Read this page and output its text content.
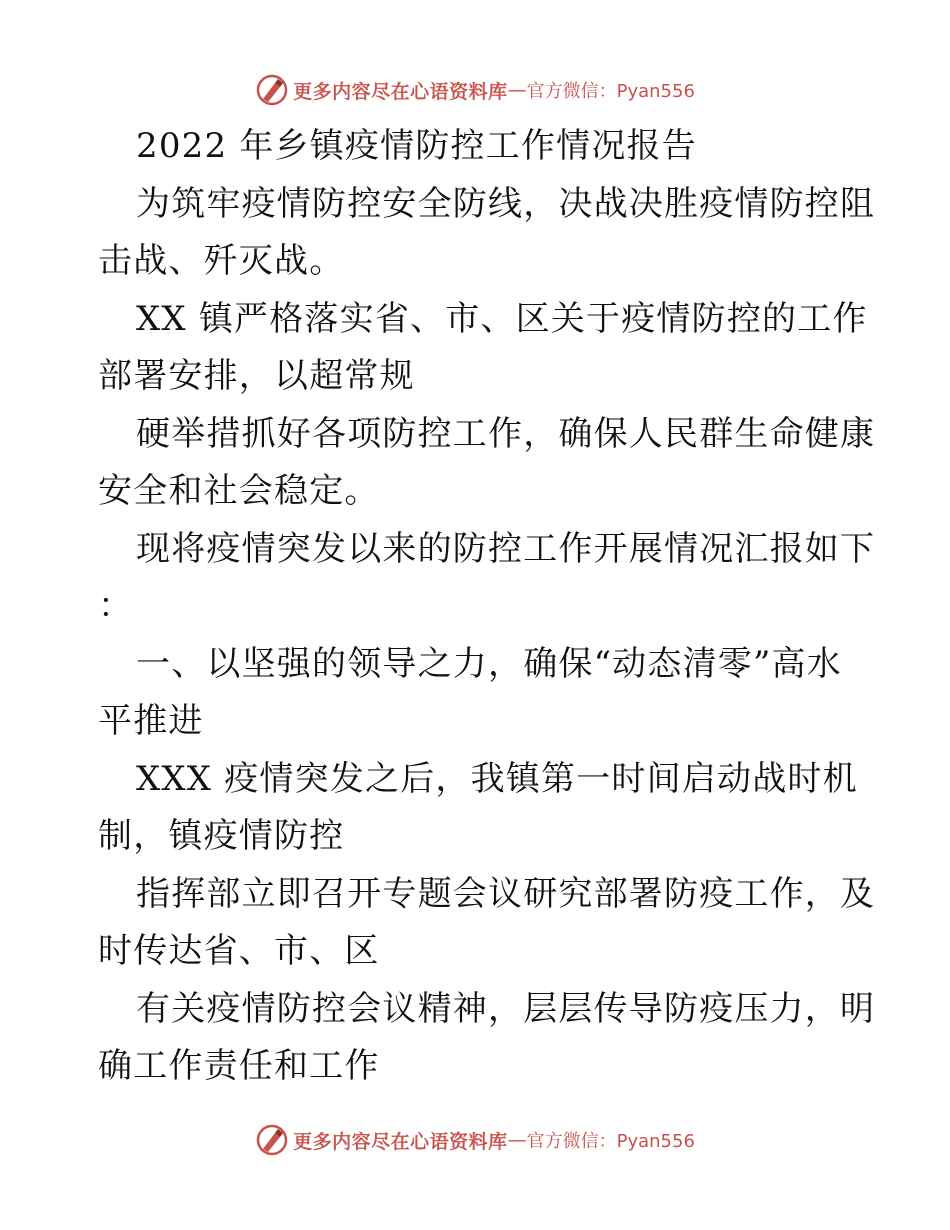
更多内容尽在心语资料库 — 官方微信：Pyan556

2022 年乡镇疫情防控工作情况报告

为筑牢疫情防控安全防线，决战决胜疫情防控阻

击战、歼灭战。

XX 镇严格落实省、市、区关于疫情防控的工作

部署安排，以超常规

硬举措抓好各项防控工作，确保人民群生命健康

安全和社会稳定。

现将疫情突发以来的防控工作开展情况汇报如下

：

一、以坚强的领导之力，确保“动态清零”高水

平推进

XXX 疫情突发之后，我镇第一时间启动战时机

制，镇疫情防控

指挥部立即召开专题会议研究部署防疫工作，及

时传达省、市、区

有关疫情防控会议精神，层层传导防疫压力，明

确工作责任和工作

更多内容尽在心语资料库 — 官方微信：Pyan556
